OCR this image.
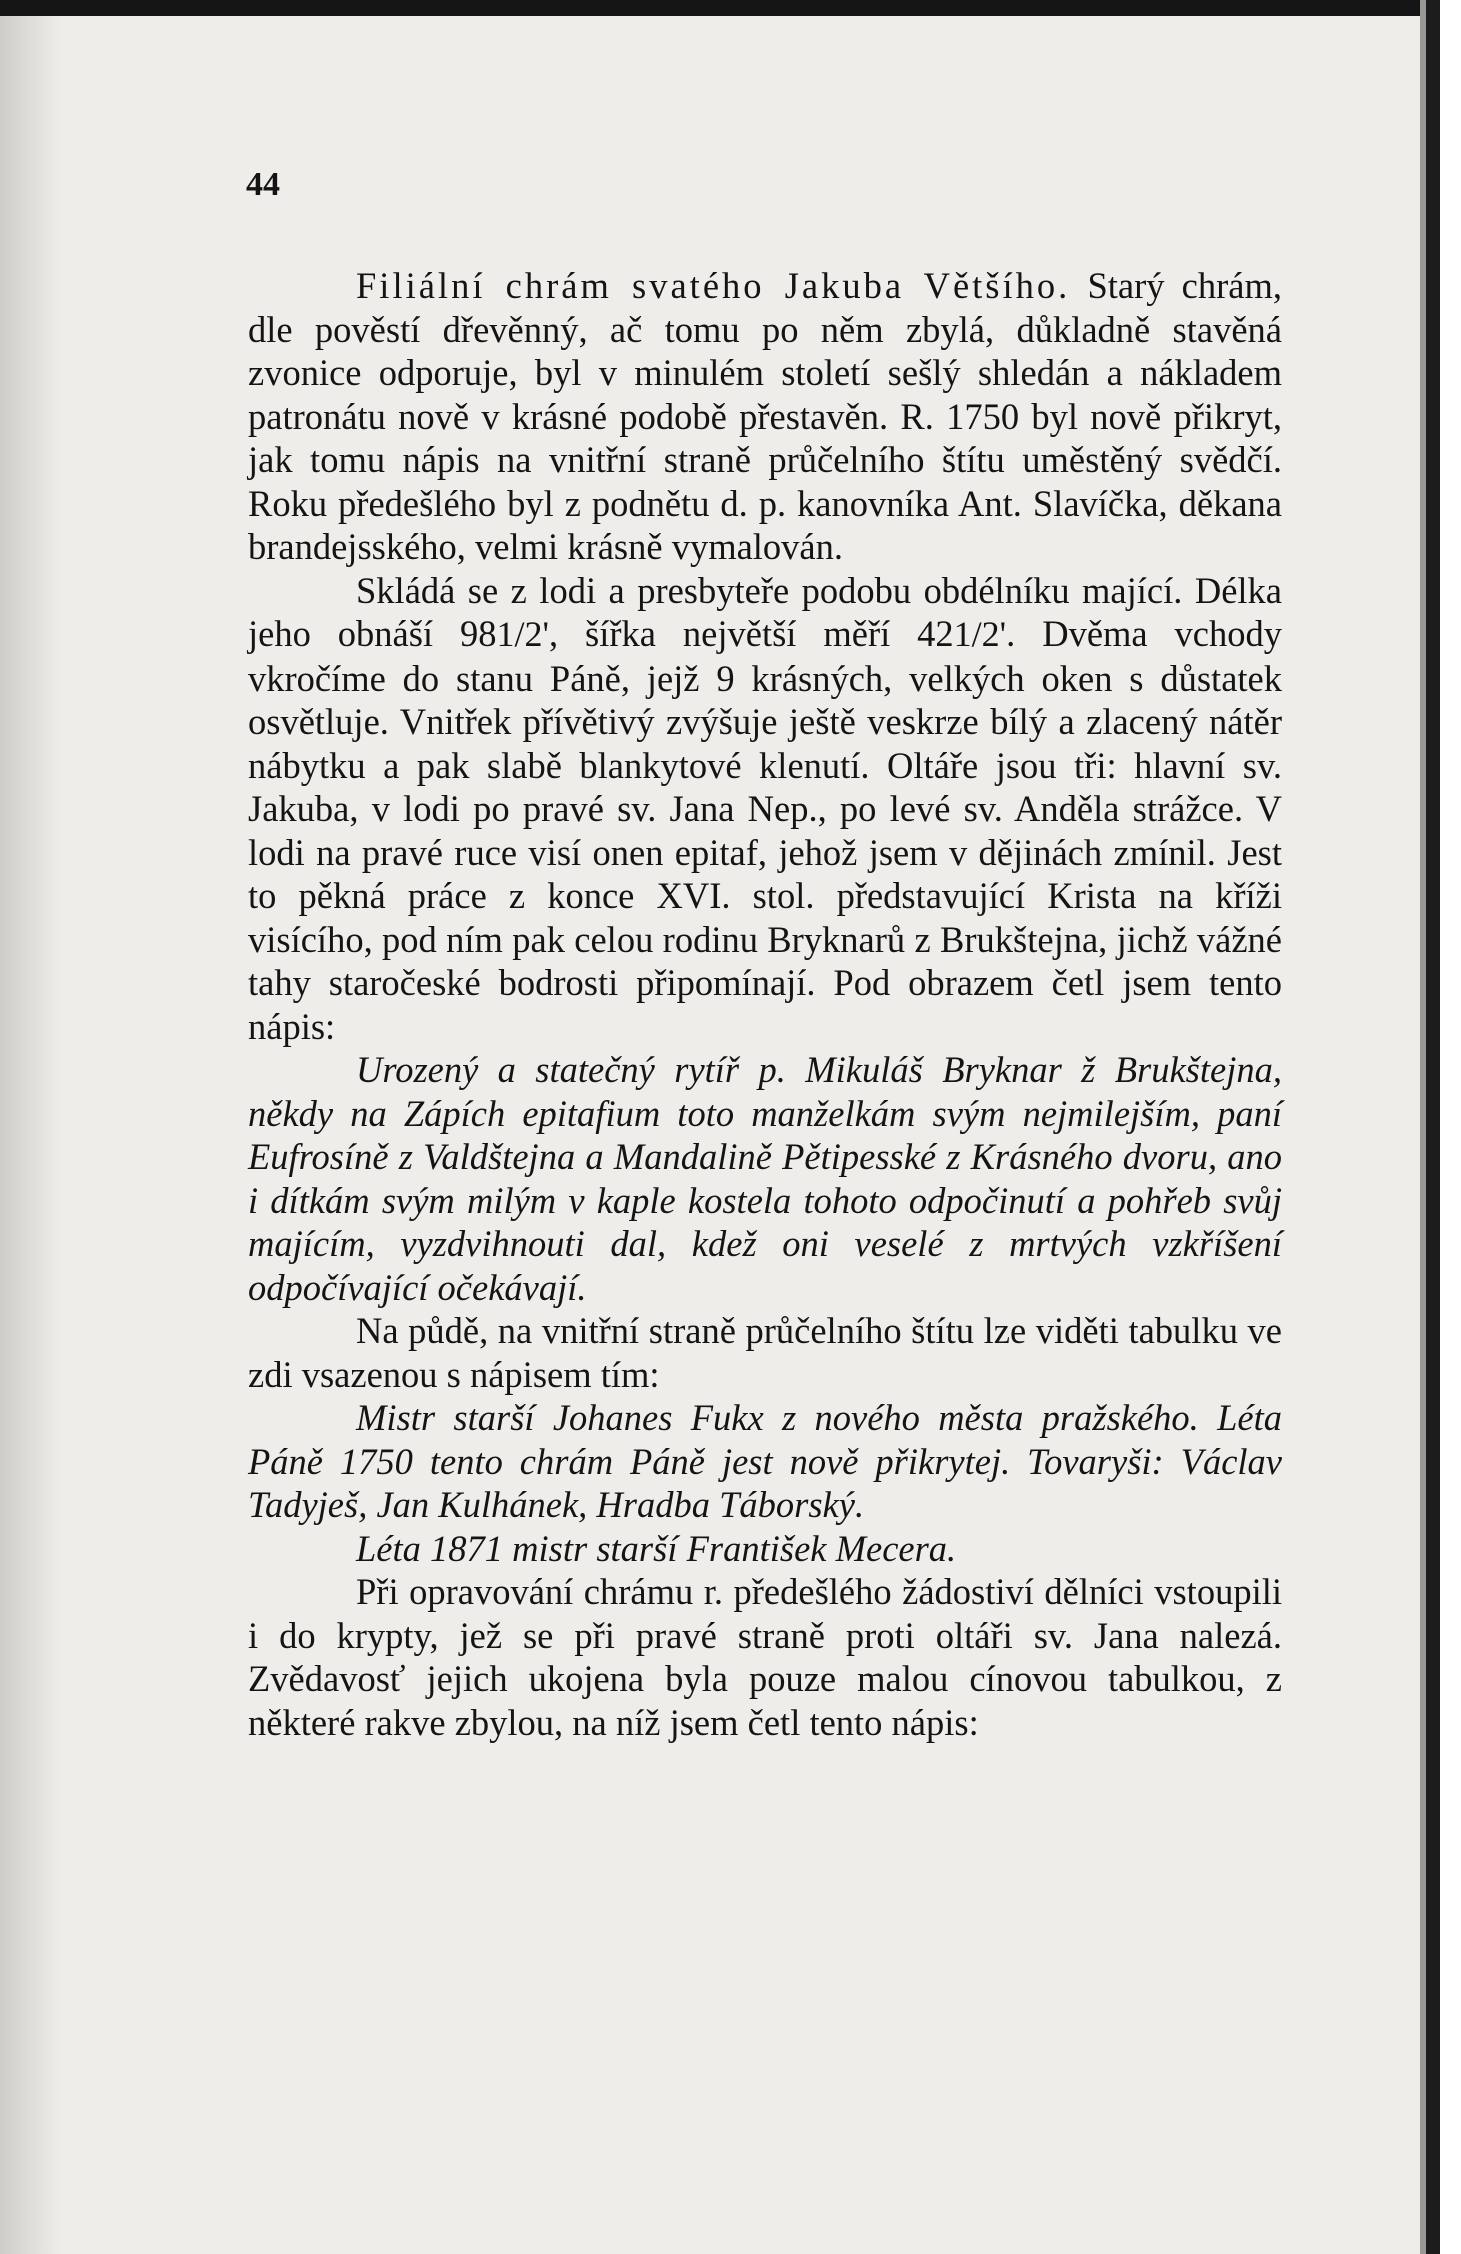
44

Filiální chrám svatého Jakuba Většího. Starý chrám, dle pověstí dřevěnný, ač tomu po něm zbylá, důkladně stavěná zvonice odporuje, byl v minulém století sešlý shledán a nákladem patronátu nově v krásné podobě přestavěn. R. 1750 byl nově přikryt, jak tomu nápis na vnitřní straně průčelního štítu uměstěný svědčí. Roku předešlého byl z podnětu d. p. kanovníka Ant. Slavíčka, děkana brandejsského, velmi krásně vymalován.

Skládá se z lodi a presbyteře podobu obdélníku mající. Délka jeho obnáší 981/2', šířka největší měří 421/2'. Dvěma vchody vkročíme do stanu Páně, jejž 9 krásných, velkých oken s důstatek osvětluje. Vnitřek přívětivý zvýšuje ještě veskrze bílý a zlacený nátěr nábytku a pak slabě blankytové klenutí. Oltáře jsou tři: hlavní sv. Jakuba, v lodi po pravé sv. Jana Nep., po levé sv. Anděla strážce. V lodi na pravé ruce visí onen epitaf, jehož jsem v dějinách zmínil. Jest to pěkná práce z konce XVI. stol. představující Krista na kříži visícího, pod ním pak celou rodinu Bryknarů z Brukštejna, jichž vážné tahy staročeské bodrosti připomínají. Pod obrazem četl jsem tento nápis:

Urozený a statečný rytíř p. Mikuláš Bryknar ž Brukštejna, někdy na Zápích epitafium toto manželkám svým nejmilejším, paní Eufrosíně z Valdštejna a Mandalině Pětipesské z Krásného dvoru, ano i dítkám svým milým v kaple kostela tohoto odpočinutí a pohřeb svůj majícím, vyzdvihnouti dal, kdež oni veselé z mrtvých vzkříšení odpočívající očekávají.

Na půdě, na vnitřní straně průčelního štítu lze viděti tabulku ve zdi vsazenou s nápisem tím:

Mistr starší Johanes Fukx z nového města pražského. Léta Páně 1750 tento chrám Páně jest nově přikrytej. Tovaryši: Václav Tadyješ, Jan Kulhánek, Hradba Táborský.

Léta 1871 mistr starší František Mecera.

Při opravování chrámu r. předešlého žádostiví dělníci vstoupili i do krypty, jež se při pravé straně proti oltáři sv. Jana nalezá. Zvědavosť jejich ukojena byla pouze malou cínovou tabulkou, z některé rakve zbylou, na níž jsem četl tento nápis:
